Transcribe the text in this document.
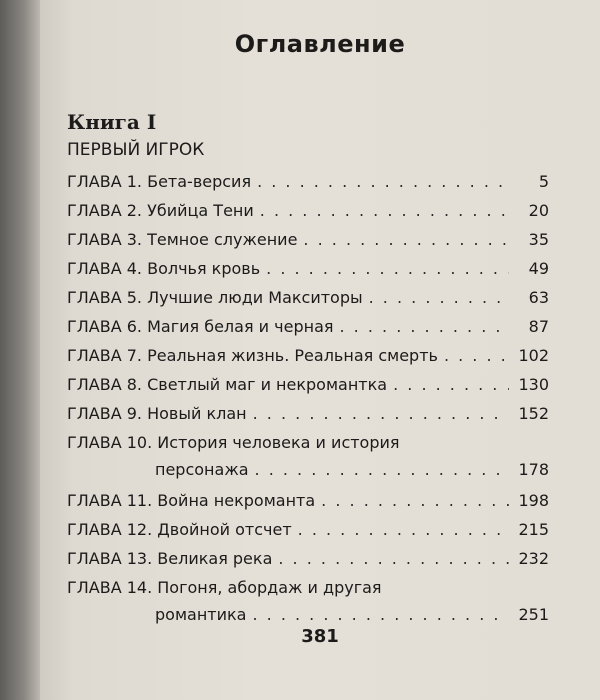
Оглавление
Книга I
ПЕРВЫЙ ИГРОК
ГЛАВА 1. Бета-версия . . .	5
ГЛАВА 2. Убийца Тени . . .	20
ГЛАВА 3. Темное служение . . .	35
ГЛАВА 4. Волчья кровь . . .	49
ГЛАВА 5. Лучшие люди Макситоры . . .	63
ГЛАВА 6. Магия белая и черная . . .	87
ГЛАВА 7. Реальная жизнь. Реальная смерть . . .	102
ГЛАВА 8. Светлый маг и некромантка . . .	130
ГЛАВА 9. Новый клан . . .	152
ГЛАВА 10. История человека и история
персонажа . . .	178
ГЛАВА 11. Война некроманта . . .	198
ГЛАВА 12. Двойной отсчет . . .	215
ГЛАВА 13. Великая река . . .	232
ГЛАВА 14. Погоня, абордаж и другая
романтика . . .	251
381
